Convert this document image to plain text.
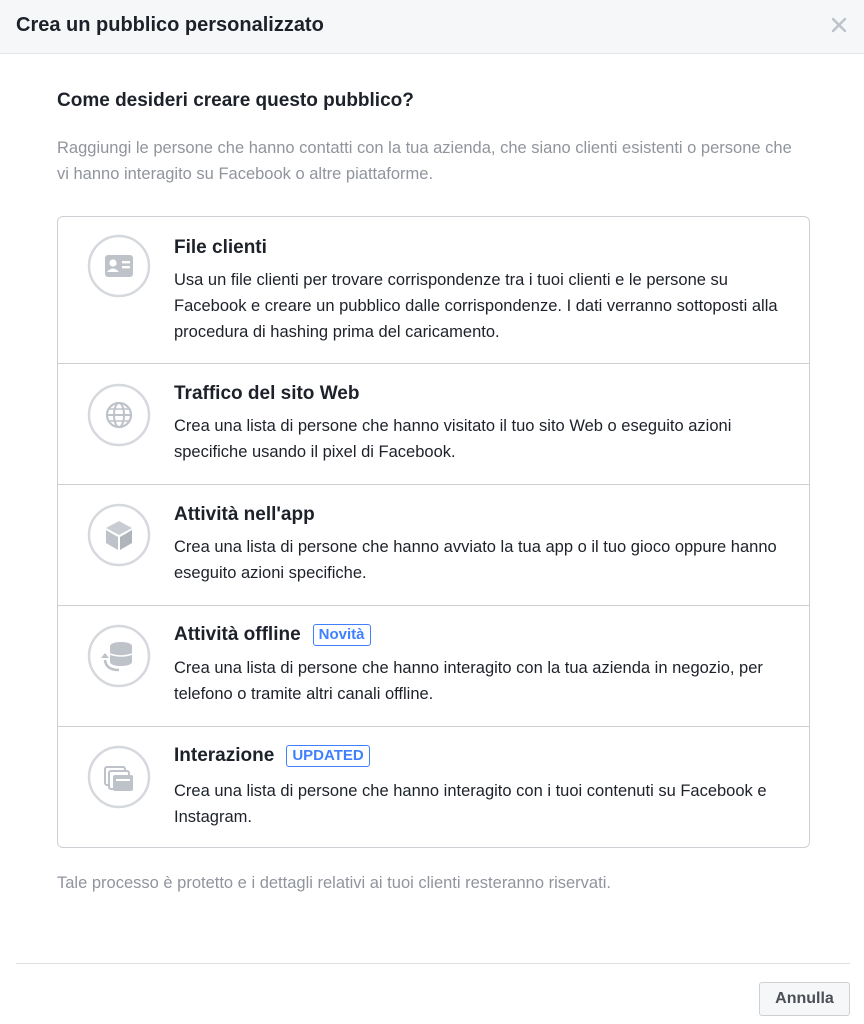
Crea un pubblico personalizzato
Come desideri creare questo pubblico?
Raggiungi le persone che hanno contatti con la tua azienda, che siano clienti esistenti o persone che vi hanno interagito su Facebook o altre piattaforme.
File clienti
Usa un file clienti per trovare corrispondenze tra i tuoi clienti e le persone su Facebook e creare un pubblico dalle corrispondenze. I dati verranno sottoposti alla procedura di hashing prima del caricamento.
Traffico del sito Web
Crea una lista di persone che hanno visitato il tuo sito Web o eseguito azioni specifiche usando il pixel di Facebook.
Attività nell'app
Crea una lista di persone che hanno avviato la tua app o il tuo gioco oppure hanno eseguito azioni specifiche.
Attività offline	Novità
Crea una lista di persone che hanno interagito con la tua azienda in negozio, per telefono o tramite altri canali offline.
Interazione	UPDATED
Crea una lista di persone che hanno interagito con i tuoi contenuti su Facebook e Instagram.
Tale processo è protetto e i dettagli relativi ai tuoi clienti resteranno riservati.
Annulla
